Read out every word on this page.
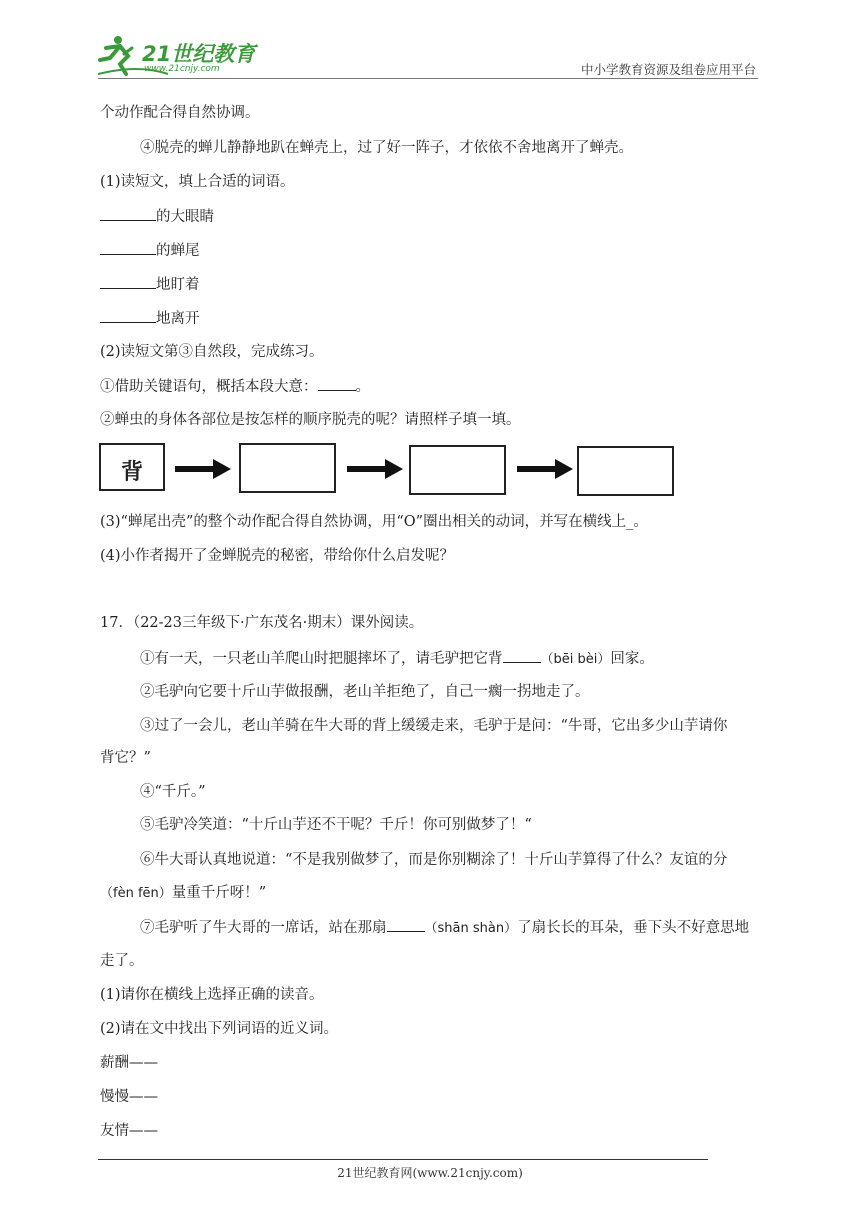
21世纪教育
www.21cnjy.com	中小学教育资源及组卷应用平台
个动作配合得自然协调。
④脱壳的蝉儿静静地趴在蝉壳上，过了好一阵子，才依依不舍地离开了蝉壳。
(1)读短文，填上合适的词语。
的大眼睛
的蝉尾
地盯着
地离开
(2)读短文第③自然段，完成练习。
①借助关键语句，概括本段大意：	。
②蝉虫的身体各部位是按怎样的顺序脱壳的呢？请照样子填一填。
背
(3)“蝉尾出壳”的整个动作配合得自然协调，用“O”圈出相关的动词，并写在横线上_。
(4)小作者揭开了金蝉脱壳的秘密，带给你什么启发呢？
17．（22-23三年级下·广东茂名·期末）课外阅读。
①有一天，一只老山羊爬山时把腿摔坏了，请毛驴把它背	（bēi bèi）回家。
②毛驴向它要十斤山芋做报酬，老山羊拒绝了，自己一瘸一拐地走了。
③过了一会儿，老山羊骑在牛大哥的背上缓缓走来，毛驴于是问：“牛哥，它出多少山芋请你
背它？”
④“千斤。”
⑤毛驴冷笑道：“十斤山芋还不干呢？千斤！你可别做梦了！“
⑥牛大哥认真地说道：“不是我别做梦了，而是你别糊涂了！十斤山芋算得了什么？友谊的分
（fèn fēn）量重千斤呀！”
⑦毛驴听了牛大哥的一席话，站在那扇	（shān shàn）了扇长长的耳朵，垂下头不好意思地
走了。
(1)请你在横线上选择正确的读音。
(2)请在文中找出下列词语的近义词。
薪酬——
慢慢——
友情——
21世纪教育网(www.21cnjy.com)
